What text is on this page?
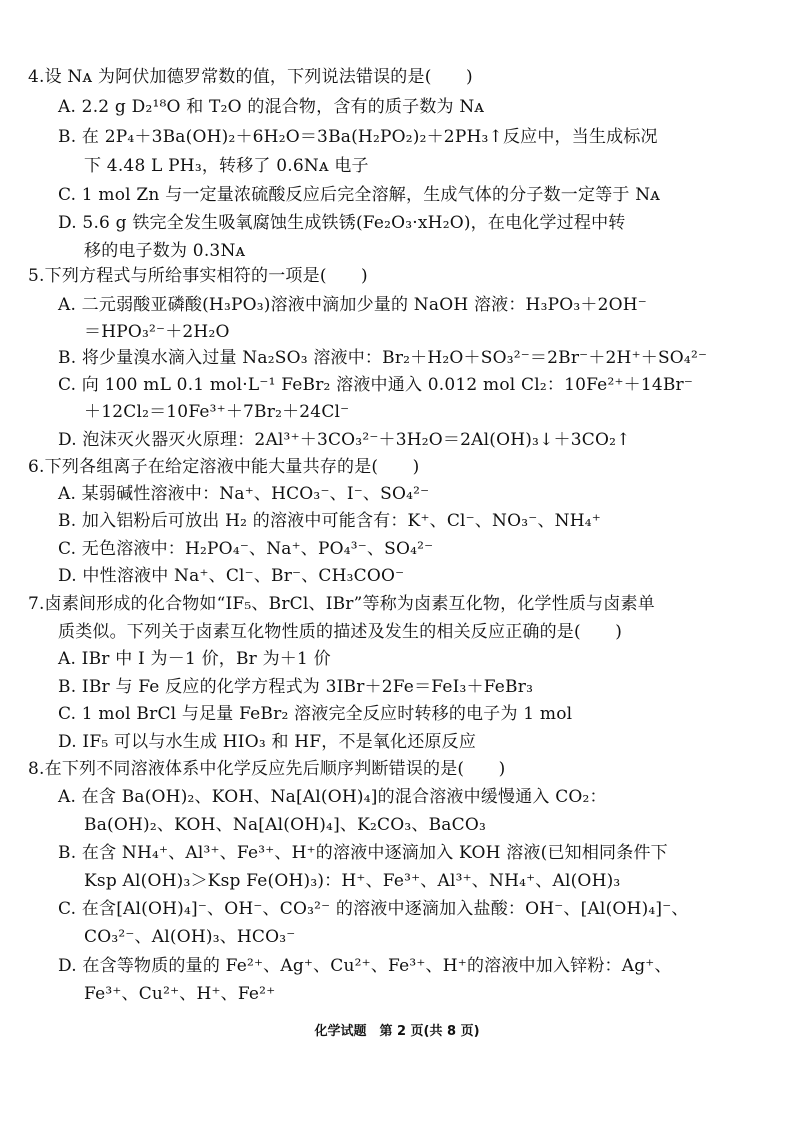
4.设 Nᴀ 为阿伏加德罗常数的值，下列说法错误的是(　　)
A. 2.2 g D₂¹⁸O 和 T₂O 的混合物，含有的质子数为 Nᴀ
B. 在 2P₄＋3Ba(OH)₂＋6H₂O＝3Ba(H₂PO₂)₂＋2PH₃↑反应中，当生成标况
下 4.48 L PH₃，转移了 0.6Nᴀ 电子
C. 1 mol Zn 与一定量浓硫酸反应后完全溶解，生成气体的分子数一定等于 Nᴀ
D. 5.6 g 铁完全发生吸氧腐蚀生成铁锈(Fe₂O₃·xH₂O)，在电化学过程中转
移的电子数为 0.3Nᴀ
5.下列方程式与所给事实相符的一项是(　　)
A. 二元弱酸亚磷酸(H₃PO₃)溶液中滴加少量的 NaOH 溶液：H₃PO₃＋2OH⁻
＝HPO₃²⁻＋2H₂O
B. 将少量溴水滴入过量 Na₂SO₃ 溶液中：Br₂＋H₂O＋SO₃²⁻＝2Br⁻＋2H⁺＋SO₄²⁻
C. 向 100 mL 0.1 mol·L⁻¹ FeBr₂ 溶液中通入 0.012 mol Cl₂：10Fe²⁺＋14Br⁻
＋12Cl₂＝10Fe³⁺＋7Br₂＋24Cl⁻
D. 泡沫灭火器灭火原理：2Al³⁺＋3CO₃²⁻＋3H₂O＝2Al(OH)₃↓＋3CO₂↑
6.下列各组离子在给定溶液中能大量共存的是(　　)
A. 某弱碱性溶液中：Na⁺、HCO₃⁻、I⁻、SO₄²⁻
B. 加入铝粉后可放出 H₂ 的溶液中可能含有：K⁺、Cl⁻、NO₃⁻、NH₄⁺
C. 无色溶液中：H₂PO₄⁻、Na⁺、PO₄³⁻、SO₄²⁻
D. 中性溶液中 Na⁺、Cl⁻、Br⁻、CH₃COO⁻
7.卤素间形成的化合物如“IF₅、BrCl、IBr”等称为卤素互化物，化学性质与卤素单
质类似。下列关于卤素互化物性质的描述及发生的相关反应正确的是(　　)
A. IBr 中 I 为－1 价，Br 为＋1 价
B. IBr 与 Fe 反应的化学方程式为 3IBr＋2Fe＝FeI₃＋FeBr₃
C. 1 mol BrCl 与足量 FeBr₂ 溶液完全反应时转移的电子为 1 mol
D. IF₅ 可以与水生成 HIO₃ 和 HF，不是氧化还原反应
8.在下列不同溶液体系中化学反应先后顺序判断错误的是(　　)
A. 在含 Ba(OH)₂、KOH、Na[Al(OH)₄]的混合溶液中缓慢通入 CO₂：
Ba(OH)₂、KOH、Na[Al(OH)₄]、K₂CO₃、BaCO₃
B. 在含 NH₄⁺、Al³⁺、Fe³⁺、H⁺的溶液中逐滴加入 KOH 溶液(已知相同条件下
Ksp Al(OH)₃＞Ksp Fe(OH)₃)：H⁺、Fe³⁺、Al³⁺、NH₄⁺、Al(OH)₃
C. 在含[Al(OH)₄]⁻、OH⁻、CO₃²⁻ 的溶液中逐滴加入盐酸：OH⁻、[Al(OH)₄]⁻、
CO₃²⁻、Al(OH)₃、HCO₃⁻
D. 在含等物质的量的 Fe²⁺、Ag⁺、Cu²⁺、Fe³⁺、H⁺的溶液中加入锌粉：Ag⁺、
Fe³⁺、Cu²⁺、H⁺、Fe²⁺
化学试题　第 2 页(共 8 页)
